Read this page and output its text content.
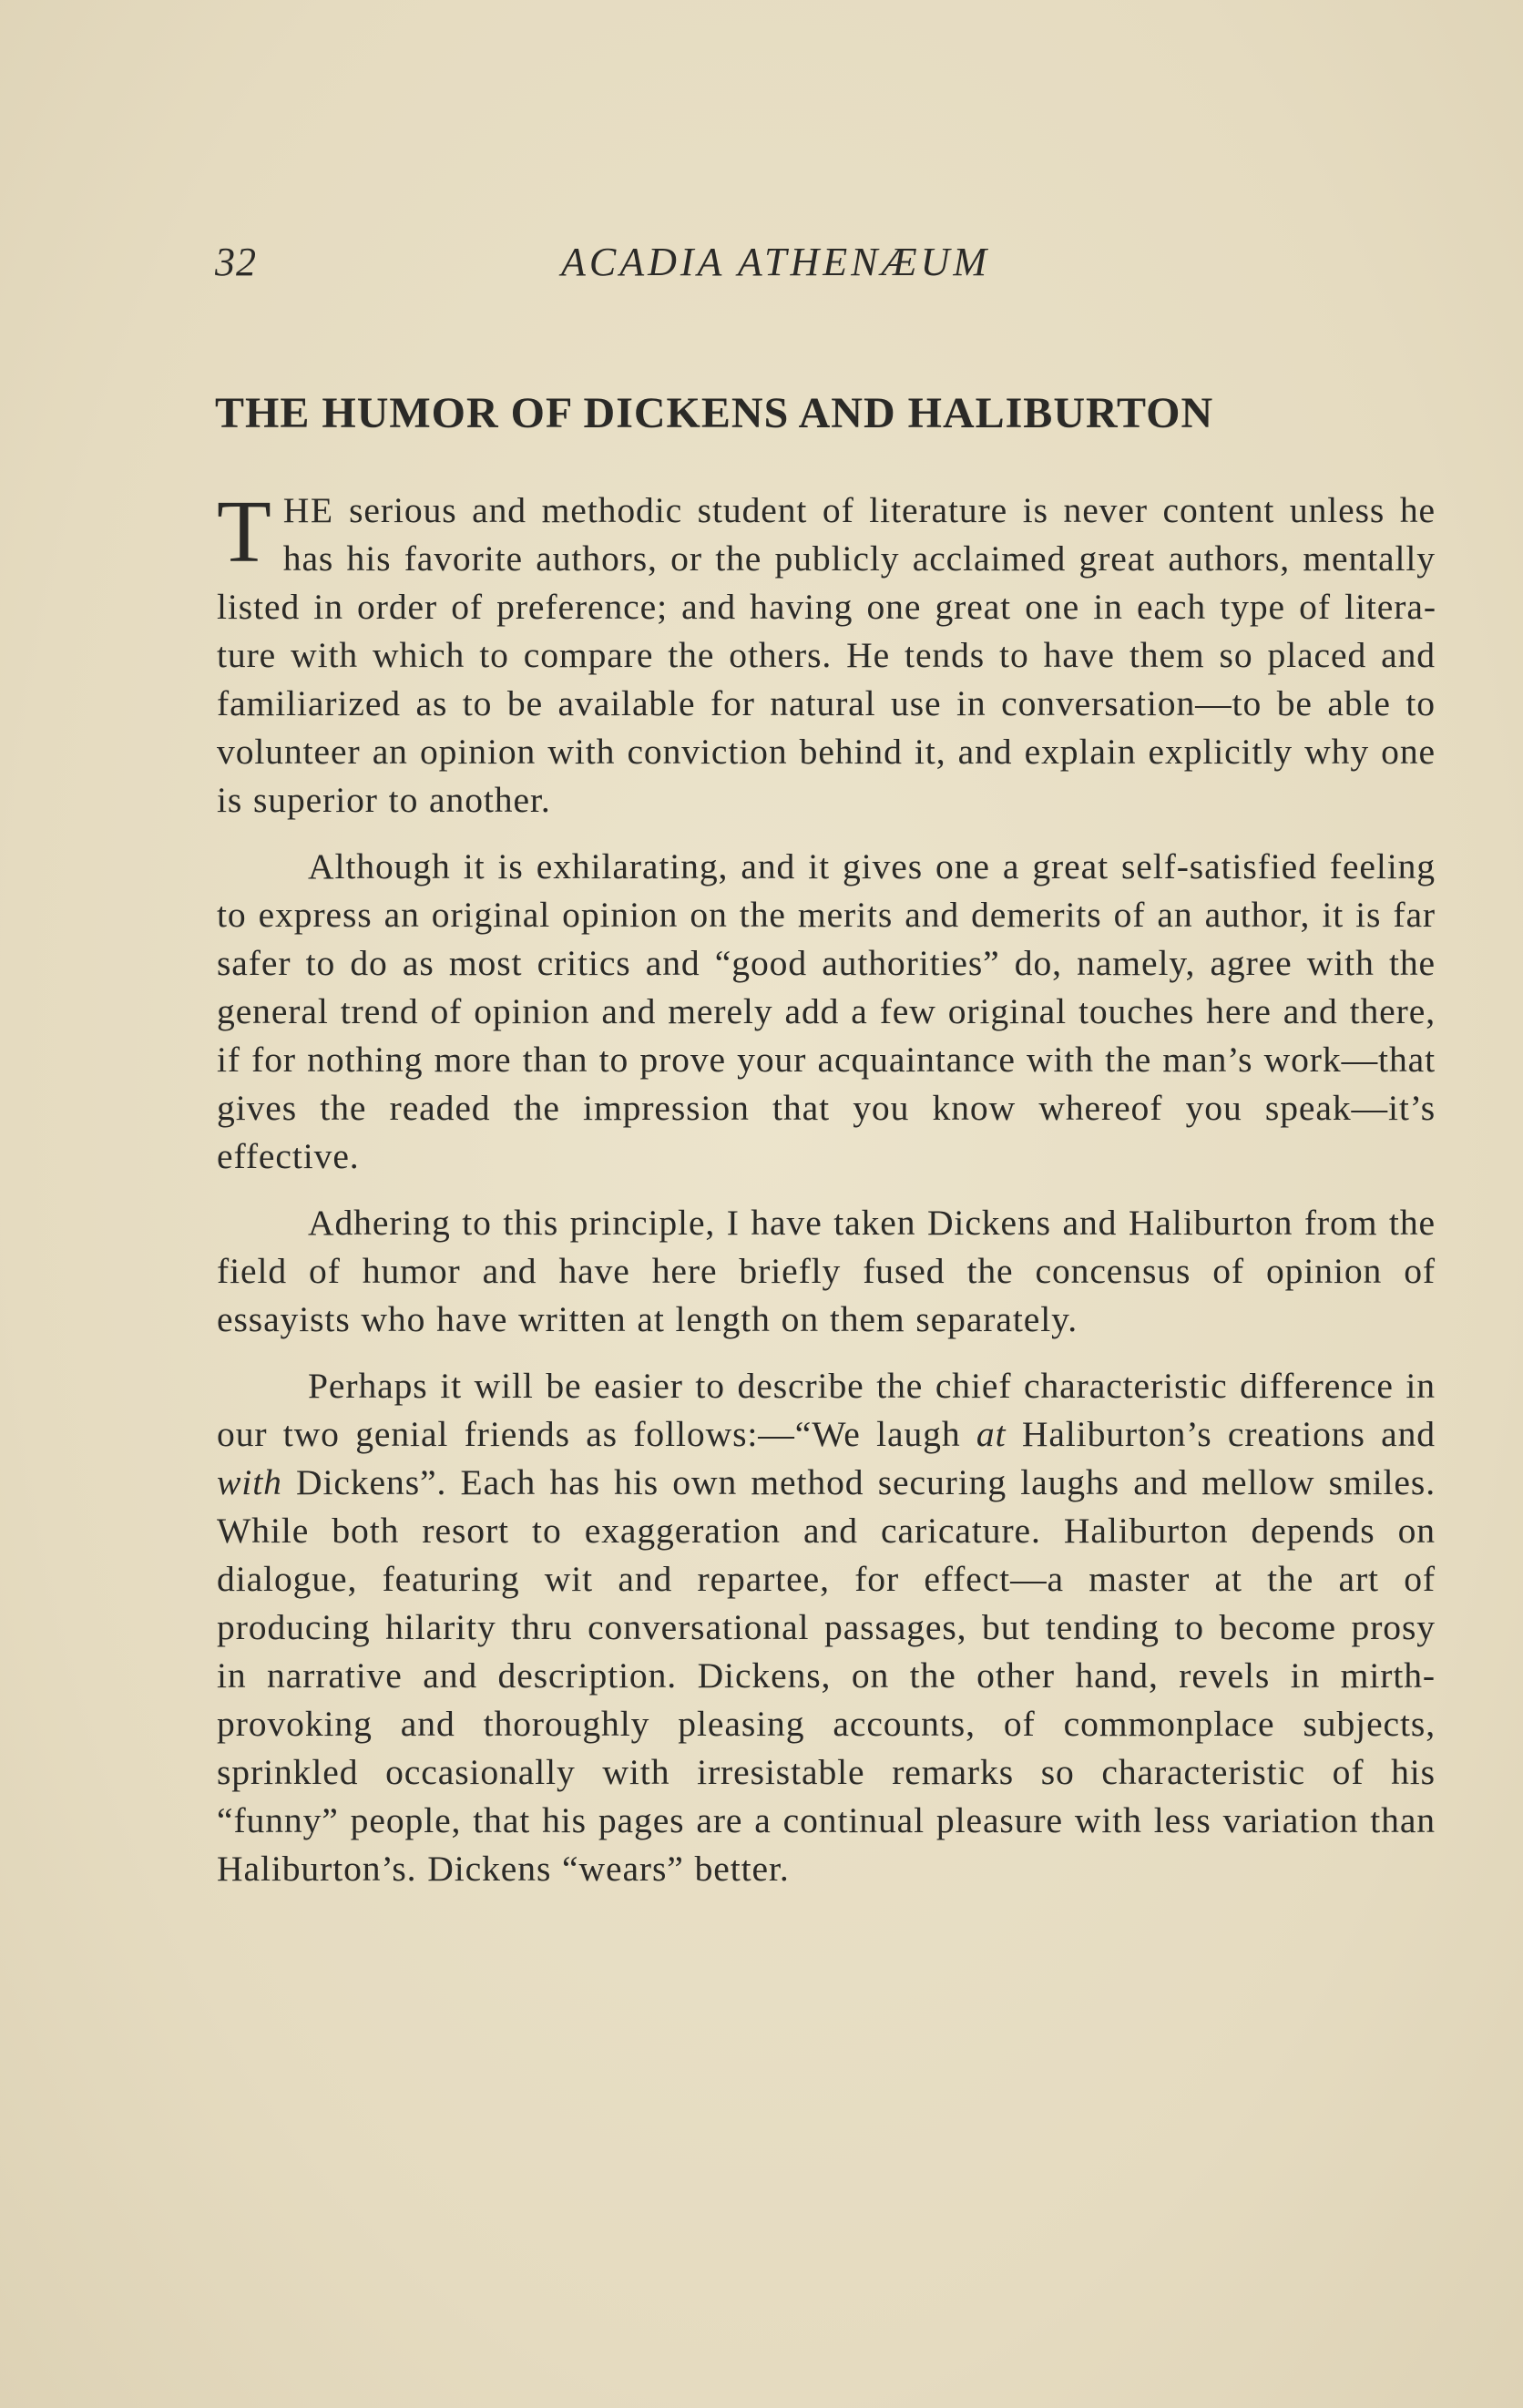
32	ACADIA ATHENÆUM
THE HUMOR OF DICKENS AND HALIBURTON

THE serious and methodic student of literature is never content unless he has his favorite authors, or the publicly acclaimed great authors, mentally listed in order of preference; and having one great one in each type of literature with which to compare the others. He tends to have them so placed and familiarized as to be available for natural use in conversation—to be able to volunteer an opinion with conviction behind it, and explain explicitly why one is superior to another.

Although it is exhilarating, and it gives one a great self-satisfied feeling to express an original opinion on the merits and demerits of an author, it is far safer to do as most critics and “good authorities” do, namely, agree with the general trend of opinion and merely add a few original touches here and there, if for nothing more than to prove your acquaintance with the man’s work—that gives the readed the impression that you know whereof you speak—it’s effective.

Adhering to this principle, I have taken Dickens and Haliburton from the field of humor and have here briefly fused the concensus of opinion of essayists who have written at length on them separately.

Perhaps it will be easier to describe the chief characteristic difference in our two genial friends as follows:—“We laugh at Haliburton’s creations and with Dickens”. Each has his own method securing laughs and mellow smiles. While both resort to exaggeration and caricature. Haliburton depends on dialogue, featuring wit and repartee, for effect—a master at the art of producing hilarity thru conversational passages, but tending to become prosy in narrative and description. Dickens, on the other hand, revels in mirth-provoking and thoroughly pleasing accounts, of commonplace subjects, sprinkled occasionally with irresistable remarks so characteristic of his “funny” people, that his pages are a continual pleasure with less variation than Haliburton’s. Dickens “wears” better.
